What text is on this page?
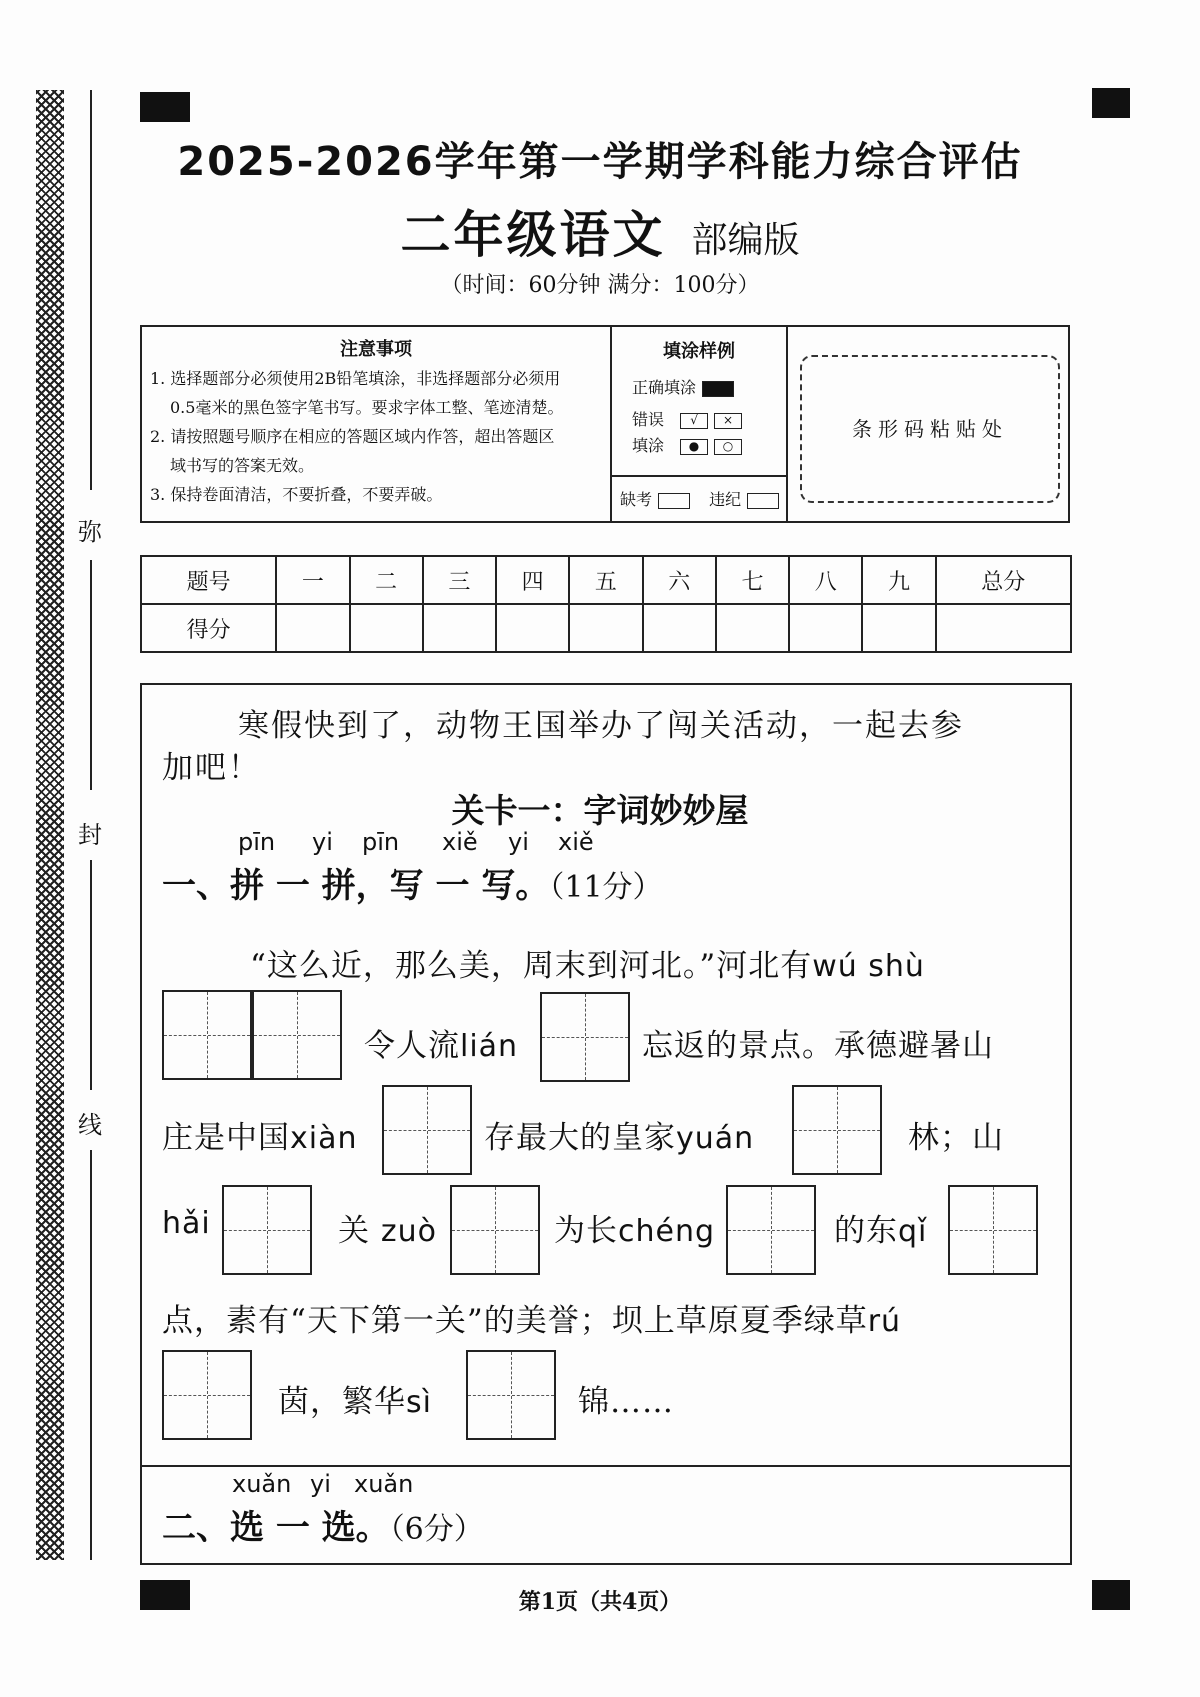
弥
封
线
2025-2026学年第一学期学科能力综合评估
二年级语文 部编版
（时间：60分钟 满分：100分）
注意事项
1. 选择题部分必须使用2B铅笔填涂，非选择题部分必须用
0.5毫米的黑色签字笔书写。要求字体工整、笔迹清楚。
2. 请按照题号顺序在相应的答题区域内作答，超出答题区
域书写的答案无效。
3. 保持卷面清洁，不要折叠，不要弄破。
填涂样例
正确填涂
错误 √ ×
填涂 ● ○
缺考	违纪
条形码粘贴处
题号	一	二	三	四	五	六	七	八	九	总分
得分										
寒假快到了，动物王国举办了闯关活动，一起去参
加吧！
关卡一：字词妙妙屋
pīn yi pīn xiě yi xiě
一、拼 一 拼，写 一 写。（11分）
“这么近，那么美，周末到河北。”河北有wú shù
令人流lián	忘返的景点。承德避暑山
庄是中国xiàn	存最大的皇家yuán	林；山
hǎi	关 zuò	为长chéng	的东qǐ
点，素有“天下第一关”的美誉；坝上草原夏季绿草rú
茵，繁华sì	锦……
xuǎn yi xuǎn
二、选 一 选。（6分）
第1页（共4页）
